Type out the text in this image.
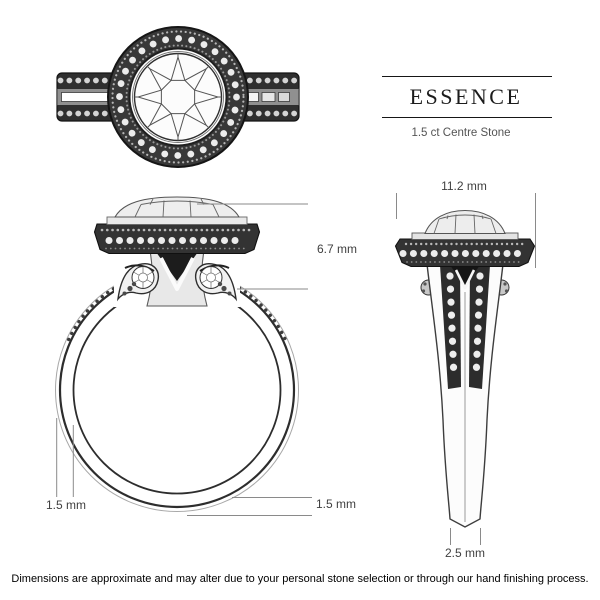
ESSENCE
1.5 ct Centre Stone
11.2 mm
6.7 mm
1.5 mm	1.5 mm
2.5 mm
Dimensions are approximate and may alter due to your personal stone selection or through our hand finishing process.
